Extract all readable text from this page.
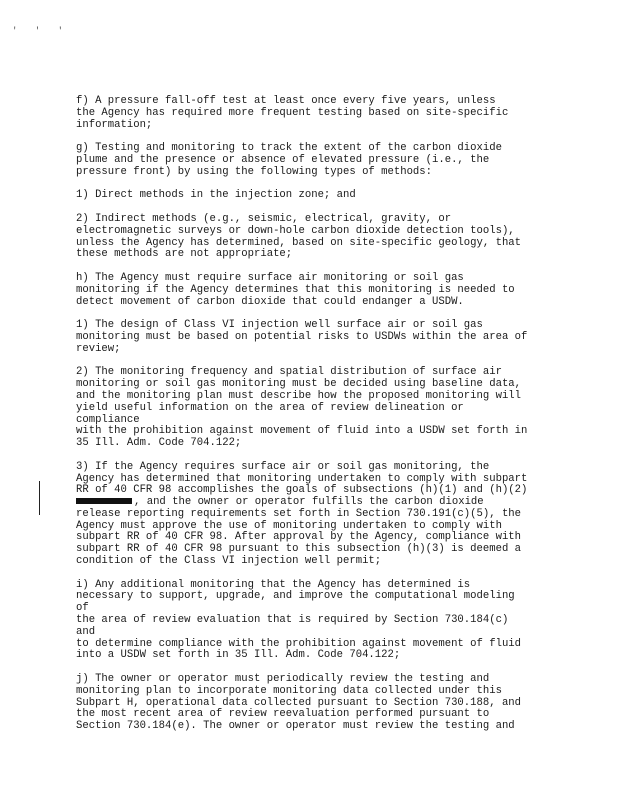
' ' '

f) A pressure fall-off test at least once every five years, unless
the Agency has required more frequent testing based on site-specific
information;

g) Testing and monitoring to track the extent of the carbon dioxide
plume and the presence or absence of elevated pressure (i.e., the
pressure front) by using the following types of methods:

1) Direct methods in the injection zone; and

2) Indirect methods (e.g., seismic, electrical, gravity, or
electromagnetic surveys or down-hole carbon dioxide detection tools),
unless the Agency has determined, based on site-specific geology, that
these methods are not appropriate;

h) The Agency must require surface air monitoring or soil gas
monitoring if the Agency determines that this monitoring is needed to
detect movement of carbon dioxide that could endanger a USDW.

1) The design of Class VI injection well surface air or soil gas
monitoring must be based on potential risks to USDWs within the area of
review;

2) The monitoring frequency and spatial distribution of surface air
monitoring or soil gas monitoring must be decided using baseline data,
and the monitoring plan must describe how the proposed monitoring will
yield useful information on the area of review delineation or compliance
with the prohibition against movement of fluid into a USDW set forth in
35 Ill. Adm. Code 704.122;

3) If the Agency requires surface air or soil gas monitoring, the
Agency has determined that monitoring undertaken to comply with subpart
RR of 40 CFR 98 accomplishes the goals of subsections (h)(1) and (h)(2)
, and the owner or operator fulfills the carbon dioxide
release reporting requirements set forth in Section 730.191(c)(5), the
Agency must approve the use of monitoring undertaken to comply with
subpart RR of 40 CFR 98. After approval by the Agency, compliance with
subpart RR of 40 CFR 98 pursuant to this subsection (h)(3) is deemed a
condition of the Class VI injection well permit;

i) Any additional monitoring that the Agency has determined is
necessary to support, upgrade, and improve the computational modeling of
the area of review evaluation that is required by Section 730.184(c) and
to determine compliance with the prohibition against movement of fluid
into a USDW set forth in 35 Ill. Adm. Code 704.122;

j) The owner or operator must periodically review the testing and
monitoring plan to incorporate monitoring data collected under this
Subpart H, operational data collected pursuant to Section 730.188, and
the most recent area of review reevaluation performed pursuant to
Section 730.184(e). The owner or operator must review the testing and
